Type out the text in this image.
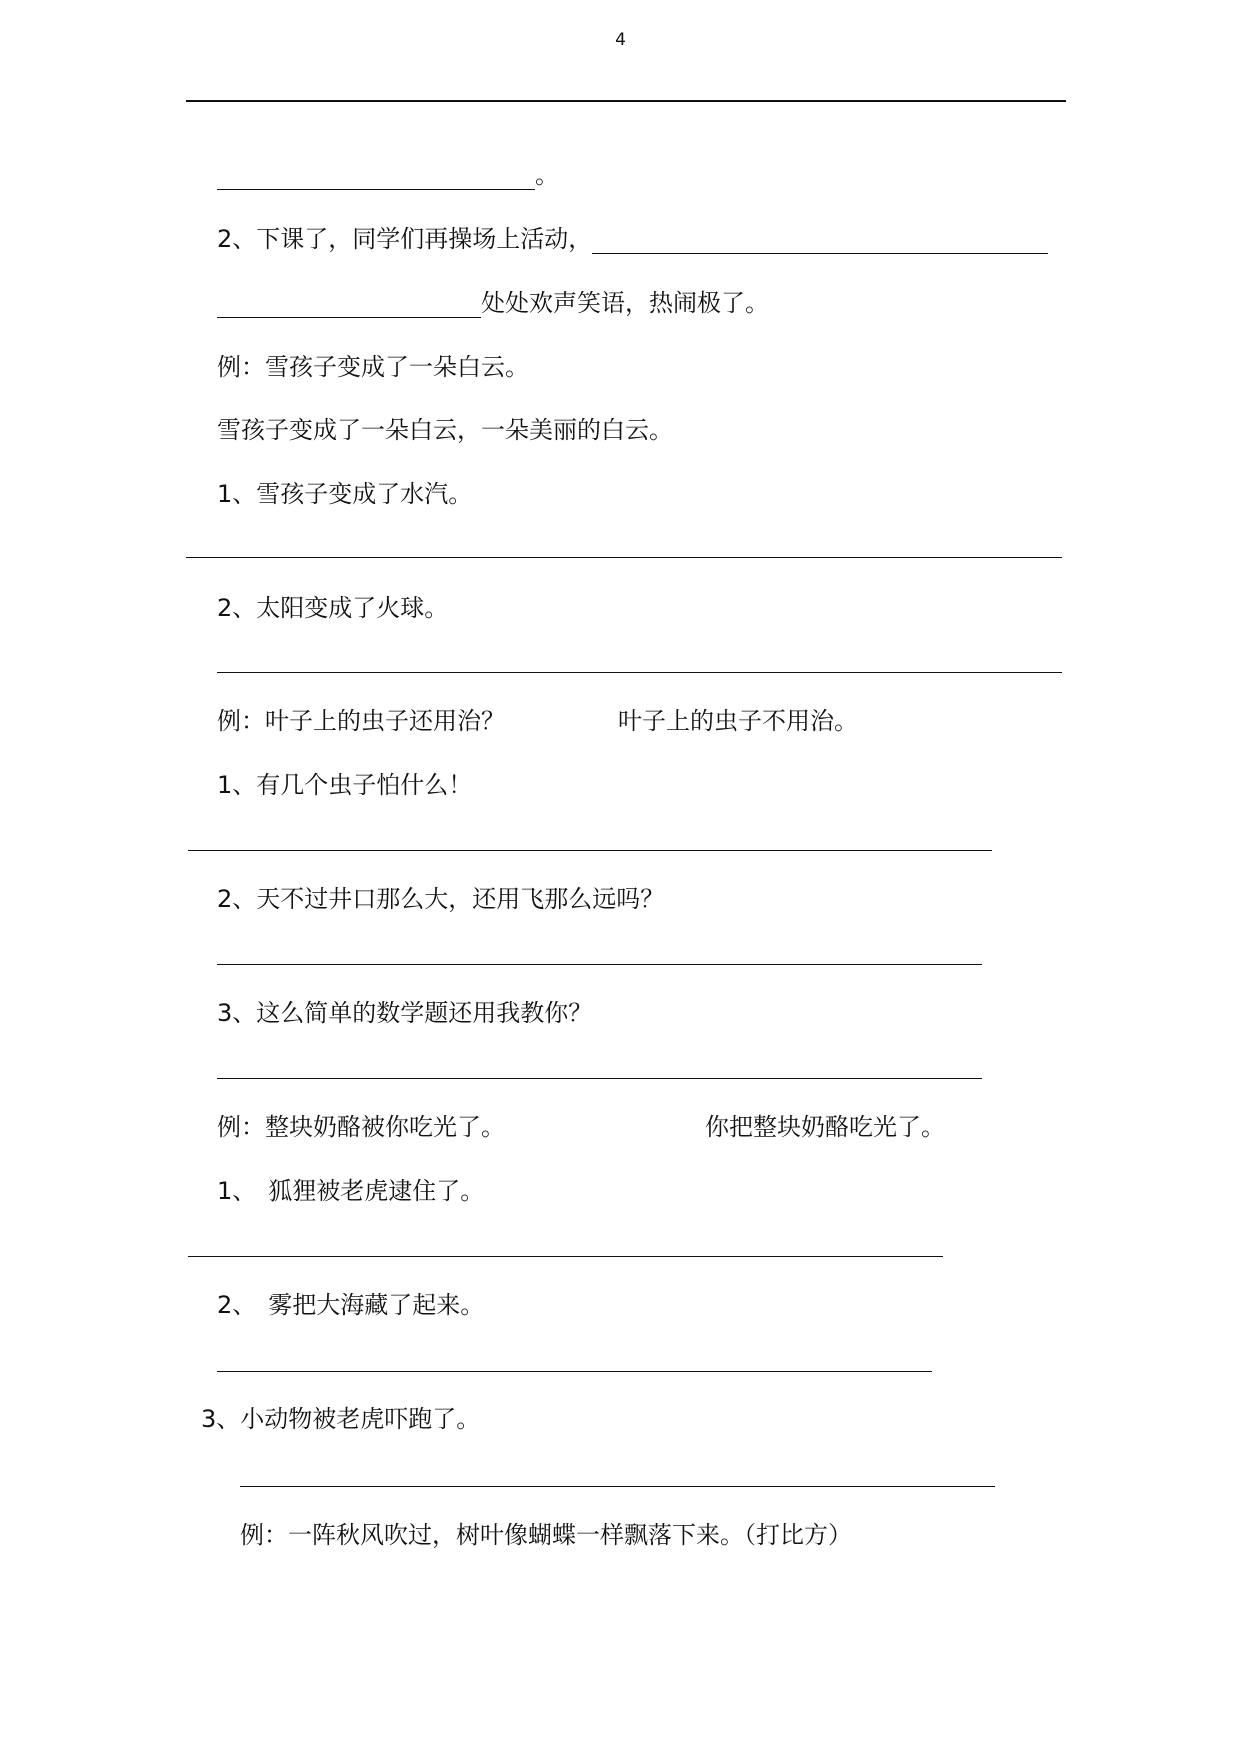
4
。
2、下课了，同学们再操场上活动，
处处欢声笑语，热闹极了。
例：雪孩子变成了一朵白云。
雪孩子变成了一朵白云，一朵美丽的白云。
1、雪孩子变成了水汽。
2、太阳变成了火球。
例：叶子上的虫子还用治？	叶子上的虫子不用治。
1、有几个虫子怕什么！
2、天不过井口那么大，还用飞那么远吗？
3、这么简单的数学题还用我教你？
例：整块奶酪被你吃光了。	你把整块奶酪吃光了。
1、　狐狸被老虎逮住了。
2、　雾把大海藏了起来。
3、小动物被老虎吓跑了。
例：一阵秋风吹过，树叶像蝴蝶一样飘落下来。（打比方）
